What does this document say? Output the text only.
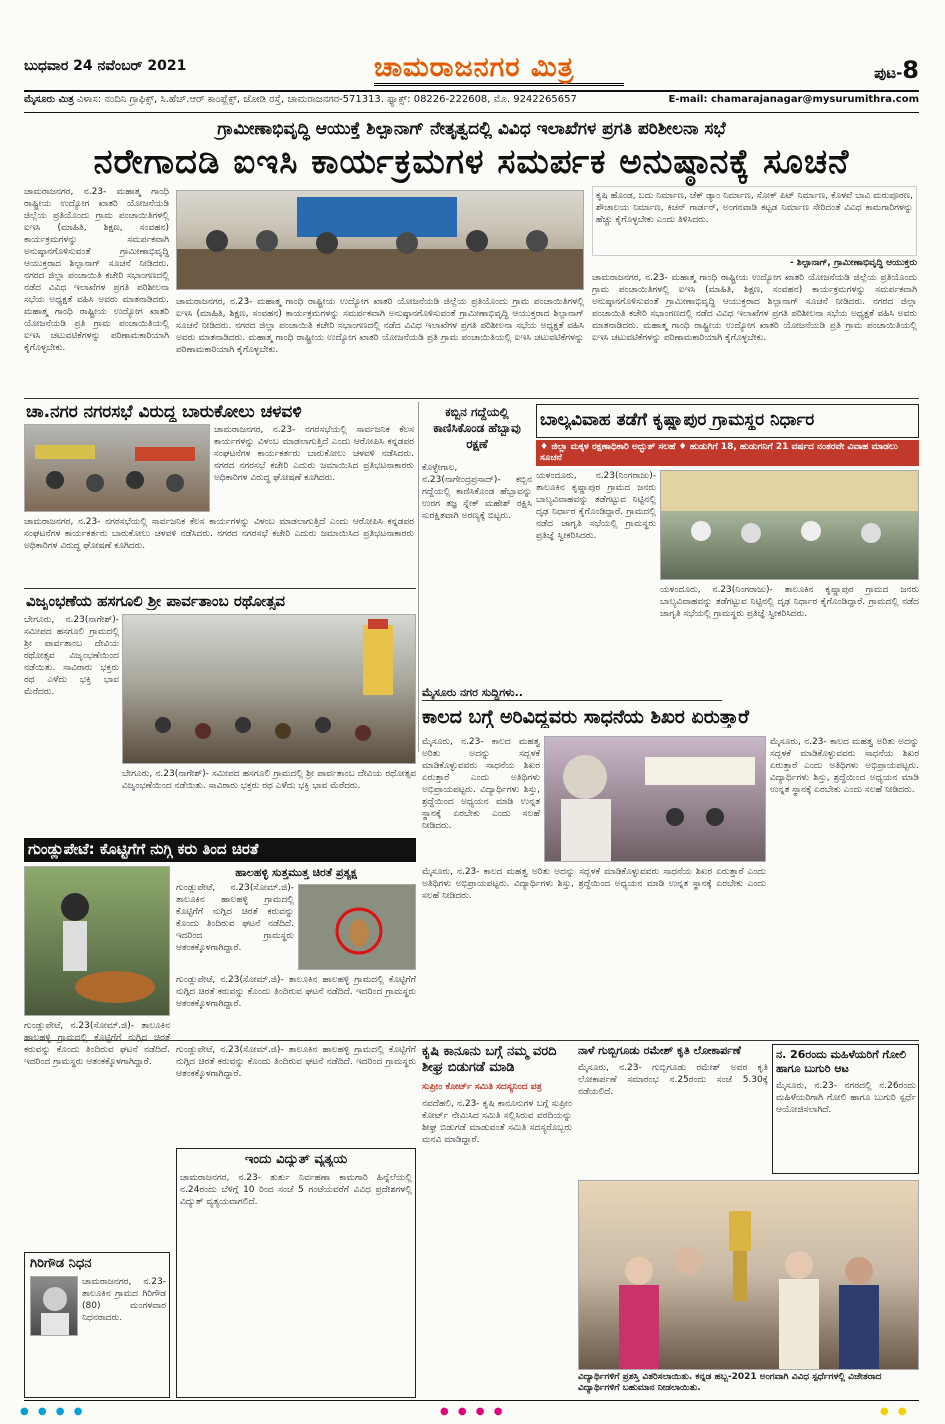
ಬುಧವಾರ 24 ನವೆಂಬರ್ 2021	ಚಾಮರಾಜನಗರ ಮಿತ್ರ	ಪುಟ-8
ಮೈಸೂರು ಮಿತ್ರ ವಿಳಾಸ: ನಂದಿನಿ ಗ್ರಾಫಿಕ್ಸ್, ಸಿ.ಹೆಚ್.ಆರ್ ಕಾಂಪ್ಲೆಕ್ಸ್, ಜೋಡಿ ರಸ್ತೆ, ಚಾಮರಾಜನಗರ-571313. ಫ್ಯಾಕ್ಸ್: 08226-222608, ಮೊ. 9242265657	E-mail: chamarajanagar@mysurumithra.com
ಗ್ರಾಮೀಣಾಭಿವೃದ್ಧಿ ಆಯುಕ್ತೆ ಶಿಲ್ಪಾನಾಗ್ ನೇತೃತ್ವದಲ್ಲಿ ವಿವಿಧ ಇಲಾಖೆಗಳ ಪ್ರಗತಿ ಪರಿಶೀಲನಾ ಸಭೆ
ನರೇಗಾದಡಿ ಐಇಸಿ ಕಾರ್ಯಕ್ರಮಗಳ ಸಮರ್ಪಕ ಅನುಷ್ಠಾನಕ್ಕೆ ಸೂಚನೆ
ಚಾಮರಾಜನಗರ, ನ.23- ಮಹಾತ್ಮ ಗಾಂಧಿ ರಾಷ್ಟ್ರೀಯ ಉದ್ಯೋಗ ಖಾತರಿ ಯೋಜನೆಯಡಿ ಜಿಲ್ಲೆಯ ಪ್ರತಿಯೊಂದು ಗ್ರಾಮ ಪಂಚಾಯಿತಿಗಳಲ್ಲಿ ಐಇಸಿ (ಮಾಹಿತಿ, ಶಿಕ್ಷಣ, ಸಂವಹನ) ಕಾರ್ಯಕ್ರಮಗಳನ್ನು ಸಮರ್ಪಕವಾಗಿ ಅನುಷ್ಠಾನಗೊಳಿಸುವಂತೆ ಗ್ರಾಮೀಣಾಭಿವೃದ್ಧಿ ಆಯುಕ್ತರಾದ ಶಿಲ್ಪಾನಾಗ್ ಸೂಚನೆ ನೀಡಿದರು. ನಗರದ ಜಿಲ್ಲಾ ಪಂಚಾಯಿತಿ ಕಚೇರಿ ಸಭಾಂಗಣದಲ್ಲಿ ನಡೆದ ವಿವಿಧ ಇಲಾಖೆಗಳ ಪ್ರಗತಿ ಪರಿಶೀಲನಾ ಸಭೆಯ ಅಧ್ಯಕ್ಷತೆ ವಹಿಸಿ ಅವರು ಮಾತನಾಡಿದರು. ಮಹಾತ್ಮ ಗಾಂಧಿ ರಾಷ್ಟ್ರೀಯ ಉದ್ಯೋಗ ಖಾತರಿ ಯೋಜನೆಯಡಿ ಪ್ರತಿ ಗ್ರಾಮ ಪಂಚಾಯಿತಿಯಲ್ಲಿ ಐಇಸಿ ಚಟುವಟಿಕೆಗಳನ್ನು ಪರಿಣಾಮಕಾರಿಯಾಗಿ ಕೈಗೊಳ್ಳಬೇಕು.
ಚಾಮರಾಜನಗರ, ನ.23- ಮಹಾತ್ಮ ಗಾಂಧಿ ರಾಷ್ಟ್ರೀಯ ಉದ್ಯೋಗ ಖಾತರಿ ಯೋಜನೆಯಡಿ ಜಿಲ್ಲೆಯ ಪ್ರತಿಯೊಂದು ಗ್ರಾಮ ಪಂಚಾಯಿತಿಗಳಲ್ಲಿ ಐಇಸಿ (ಮಾಹಿತಿ, ಶಿಕ್ಷಣ, ಸಂವಹನ) ಕಾರ್ಯಕ್ರಮಗಳನ್ನು ಸಮರ್ಪಕವಾಗಿ ಅನುಷ್ಠಾನಗೊಳಿಸುವಂತೆ ಗ್ರಾಮೀಣಾಭಿವೃದ್ಧಿ ಆಯುಕ್ತರಾದ ಶಿಲ್ಪಾನಾಗ್ ಸೂಚನೆ ನೀಡಿದರು. ನಗರದ ಜಿಲ್ಲಾ ಪಂಚಾಯಿತಿ ಕಚೇರಿ ಸಭಾಂಗಣದಲ್ಲಿ ನಡೆದ ವಿವಿಧ ಇಲಾಖೆಗಳ ಪ್ರಗತಿ ಪರಿಶೀಲನಾ ಸಭೆಯ ಅಧ್ಯಕ್ಷತೆ ವಹಿಸಿ ಅವರು ಮಾತನಾಡಿದರು. ಮಹಾತ್ಮ ಗಾಂಧಿ ರಾಷ್ಟ್ರೀಯ ಉದ್ಯೋಗ ಖಾತರಿ ಯೋಜನೆಯಡಿ ಪ್ರತಿ ಗ್ರಾಮ ಪಂಚಾಯಿತಿಯಲ್ಲಿ ಐಇಸಿ ಚಟುವಟಿಕೆಗಳನ್ನು ಪರಿಣಾಮಕಾರಿಯಾಗಿ ಕೈಗೊಳ್ಳಬೇಕು.
ಕೃಷಿ ಹೊಂಡ, ಬದು ನಿರ್ಮಾಣ, ಚೆಕ್ ಡ್ಯಾಂ ನಿರ್ಮಾಣ, ಸೋಕ್ ಪಿಟ್ ನಿರ್ಮಾಣ, ಕೊಳವೆ ಬಾವಿ ಮರುಪೂರಣ, ಶೌಚಾಲಯ ನಿರ್ಮಾಣ, ಕಿಚನ್ ಗಾರ್ಡನ್, ಅಂಗನವಾಡಿ ಕಟ್ಟಡ ನಿರ್ಮಾಣ ಸೇರಿದಂತೆ ವಿವಿಧ ಕಾಮಗಾರಿಗಳನ್ನು ಹೆಚ್ಚು ಕೈಗೊಳ್ಳಬೇಕು ಎಂದು ತಿಳಿಸಿದರು.
- ಶಿಲ್ಪಾನಾಗ್, ಗ್ರಾಮೀಣಾಭಿವೃದ್ಧಿ ಆಯುಕ್ತರು
ಚಾಮರಾಜನಗರ, ನ.23- ಮಹಾತ್ಮ ಗಾಂಧಿ ರಾಷ್ಟ್ರೀಯ ಉದ್ಯೋಗ ಖಾತರಿ ಯೋಜನೆಯಡಿ ಜಿಲ್ಲೆಯ ಪ್ರತಿಯೊಂದು ಗ್ರಾಮ ಪಂಚಾಯಿತಿಗಳಲ್ಲಿ ಐಇಸಿ (ಮಾಹಿತಿ, ಶಿಕ್ಷಣ, ಸಂವಹನ) ಕಾರ್ಯಕ್ರಮಗಳನ್ನು ಸಮರ್ಪಕವಾಗಿ ಅನುಷ್ಠಾನಗೊಳಿಸುವಂತೆ ಗ್ರಾಮೀಣಾಭಿವೃದ್ಧಿ ಆಯುಕ್ತರಾದ ಶಿಲ್ಪಾನಾಗ್ ಸೂಚನೆ ನೀಡಿದರು. ನಗರದ ಜಿಲ್ಲಾ ಪಂಚಾಯಿತಿ ಕಚೇರಿ ಸಭಾಂಗಣದಲ್ಲಿ ನಡೆದ ವಿವಿಧ ಇಲಾಖೆಗಳ ಪ್ರಗತಿ ಪರಿಶೀಲನಾ ಸಭೆಯ ಅಧ್ಯಕ್ಷತೆ ವಹಿಸಿ ಅವರು ಮಾತನಾಡಿದರು. ಮಹಾತ್ಮ ಗಾಂಧಿ ರಾಷ್ಟ್ರೀಯ ಉದ್ಯೋಗ ಖಾತರಿ ಯೋಜನೆಯಡಿ ಪ್ರತಿ ಗ್ರಾಮ ಪಂಚಾಯಿತಿಯಲ್ಲಿ ಐಇಸಿ ಚಟುವಟಿಕೆಗಳನ್ನು ಪರಿಣಾಮಕಾರಿಯಾಗಿ ಕೈಗೊಳ್ಳಬೇಕು.
ಚಾ.ನಗರ ನಗರಸಭೆ ವಿರುದ್ಧ ಬಾರುಕೋಲು ಚಳವಳಿ
ಚಾಮರಾಜನಗರ, ನ.23- ನಗರಸಭೆಯಲ್ಲಿ ಸಾರ್ವಜನಿಕ ಕೆಲಸ ಕಾರ್ಯಗಳನ್ನು ವಿಳಂಬ ಮಾಡಲಾಗುತ್ತಿದೆ ಎಂದು ಆರೋಪಿಸಿ ಕನ್ನಡಪರ ಸಂಘಟನೆಗಳ ಕಾರ್ಯಕರ್ತರು ಬಾರುಕೋಲು ಚಳವಳಿ ನಡೆಸಿದರು. ನಗರದ ನಗರಸಭೆ ಕಚೇರಿ ಎದುರು ಜಮಾಯಿಸಿದ ಪ್ರತಿಭಟನಾಕಾರರು ಅಧಿಕಾರಿಗಳ ವಿರುದ್ಧ ಘೋಷಣೆ ಕೂಗಿದರು.
ಚಾಮರಾಜನಗರ, ನ.23- ನಗರಸಭೆಯಲ್ಲಿ ಸಾರ್ವಜನಿಕ ಕೆಲಸ ಕಾರ್ಯಗಳನ್ನು ವಿಳಂಬ ಮಾಡಲಾಗುತ್ತಿದೆ ಎಂದು ಆರೋಪಿಸಿ ಕನ್ನಡಪರ ಸಂಘಟನೆಗಳ ಕಾರ್ಯಕರ್ತರು ಬಾರುಕೋಲು ಚಳವಳಿ ನಡೆಸಿದರು. ನಗರದ ನಗರಸಭೆ ಕಚೇರಿ ಎದುರು ಜಮಾಯಿಸಿದ ಪ್ರತಿಭಟನಾಕಾರರು ಅಧಿಕಾರಿಗಳ ವಿರುದ್ಧ ಘೋಷಣೆ ಕೂಗಿದರು.
ಕಬ್ಬಿನ ಗದ್ದೆಯಲ್ಲಿ ಕಾಣಿಸಿಕೊಂಡ ಹೆಬ್ಬಾವು ರಕ್ಷಣೆ
ಕೊಳ್ಳೇಗಾಲ, ನ.23(ನಾಗೇಂದ್ರಪ್ರಸಾದ್)- ಕಬ್ಬಿನ ಗದ್ದೆಯಲ್ಲಿ ಕಾಣಿಸಿಕೊಂಡ ಹೆಬ್ಬಾವನ್ನು ಉರಗ ತಜ್ಞ ಸ್ನೇಕ್ ಮಹೇಶ್ ರಕ್ಷಿಸಿ ಸುರಕ್ಷಿತವಾಗಿ ಅರಣ್ಯಕ್ಕೆ ಬಿಟ್ಟರು.
ಬಾಲ್ಯವಿವಾಹ ತಡೆಗೆ ಕೃಷ್ಣಾಪುರ ಗ್ರಾಮಸ್ಥರ ನಿರ್ಧಾರ
♦ ಜಿಲ್ಲಾ ಮಕ್ಕಳ ರಕ್ಷಣಾಧಿಕಾರಿ ಅದ್ಭುತ್ ಸಲಹೆ ♦ ಹುಡುಗಿಗೆ 18, ಹುಡುಗನಿಗೆ 21 ವರ್ಷದ ನಂತರವೇ ವಿವಾಹ ಮಾಡಲು ಸೂಚನೆ
ಯಳಂದೂರು, ನ.23(ನಿಂಗರಾಜು)- ತಾಲೂಕಿನ ಕೃಷ್ಣಾಪುರ ಗ್ರಾಮದ ಜನರು ಬಾಲ್ಯವಿವಾಹವನ್ನು ತಡೆಗಟ್ಟುವ ನಿಟ್ಟಿನಲ್ಲಿ ದೃಢ ನಿರ್ಧಾರ ಕೈಗೊಂಡಿದ್ದಾರೆ. ಗ್ರಾಮದಲ್ಲಿ ನಡೆದ ಜಾಗೃತಿ ಸಭೆಯಲ್ಲಿ ಗ್ರಾಮಸ್ಥರು ಪ್ರತಿಜ್ಞೆ ಸ್ವೀಕರಿಸಿದರು.
ಯಳಂದೂರು, ನ.23(ನಿಂಗರಾಜು)- ತಾಲೂಕಿನ ಕೃಷ್ಣಾಪುರ ಗ್ರಾಮದ ಜನರು ಬಾಲ್ಯವಿವಾಹವನ್ನು ತಡೆಗಟ್ಟುವ ನಿಟ್ಟಿನಲ್ಲಿ ದೃಢ ನಿರ್ಧಾರ ಕೈಗೊಂಡಿದ್ದಾರೆ. ಗ್ರಾಮದಲ್ಲಿ ನಡೆದ ಜಾಗೃತಿ ಸಭೆಯಲ್ಲಿ ಗ್ರಾಮಸ್ಥರು ಪ್ರತಿಜ್ಞೆ ಸ್ವೀಕರಿಸಿದರು.
ವಿಜೃಂಭಣೆಯ ಹಸಗೂಲಿ ಶ್ರೀ ಪಾರ್ವತಾಂಬ ರಥೋತ್ಸವ
ಬೇಗೂರು, ನ.23(ನಾಗೇಶ್)- ಸಮೀಪದ ಹಸಗೂಲಿ ಗ್ರಾಮದಲ್ಲಿ ಶ್ರೀ ಪಾರ್ವತಾಂಬ ದೇವಿಯ ರಥೋತ್ಸವ ವಿಜೃಂಭಣೆಯಿಂದ ನಡೆಯಿತು. ಸಾವಿರಾರು ಭಕ್ತರು ರಥ ಎಳೆದು ಭಕ್ತಿ ಭಾವ ಮೆರೆದರು.
ಬೇಗೂರು, ನ.23(ನಾಗೇಶ್)- ಸಮೀಪದ ಹಸಗೂಲಿ ಗ್ರಾಮದಲ್ಲಿ ಶ್ರೀ ಪಾರ್ವತಾಂಬ ದೇವಿಯ ರಥೋತ್ಸವ ವಿಜೃಂಭಣೆಯಿಂದ ನಡೆಯಿತು. ಸಾವಿರಾರು ಭಕ್ತರು ರಥ ಎಳೆದು ಭಕ್ತಿ ಭಾವ ಮೆರೆದರು.
ಮೈಸೂರು ನಗರ ಸುದ್ದಿಗಳು..
ಕಾಲದ ಬಗ್ಗೆ ಅರಿವಿದ್ದವರು ಸಾಧನೆಯ ಶಿಖರ ಏರುತ್ತಾರೆ
ಮೈಸೂರು, ನ.23- ಕಾಲದ ಮಹತ್ವ ಅರಿತು ಅದನ್ನು ಸದ್ಬಳಕೆ ಮಾಡಿಕೊಳ್ಳುವವರು ಸಾಧನೆಯ ಶಿಖರ ಏರುತ್ತಾರೆ ಎಂದು ಅತಿಥಿಗಳು ಅಭಿಪ್ರಾಯಪಟ್ಟರು. ವಿದ್ಯಾರ್ಥಿಗಳು ಶಿಸ್ತು, ಶ್ರದ್ಧೆಯಿಂದ ಅಧ್ಯಯನ ಮಾಡಿ ಉನ್ನತ ಸ್ಥಾನಕ್ಕೆ ಏರಬೇಕು ಎಂದು ಸಲಹೆ ನೀಡಿದರು.
ಮೈಸೂರು, ನ.23- ಕಾಲದ ಮಹತ್ವ ಅರಿತು ಅದನ್ನು ಸದ್ಬಳಕೆ ಮಾಡಿಕೊಳ್ಳುವವರು ಸಾಧನೆಯ ಶಿಖರ ಏರುತ್ತಾರೆ ಎಂದು ಅತಿಥಿಗಳು ಅಭಿಪ್ರಾಯಪಟ್ಟರು. ವಿದ್ಯಾರ್ಥಿಗಳು ಶಿಸ್ತು, ಶ್ರದ್ಧೆಯಿಂದ ಅಧ್ಯಯನ ಮಾಡಿ ಉನ್ನತ ಸ್ಥಾನಕ್ಕೆ ಏರಬೇಕು ಎಂದು ಸಲಹೆ ನೀಡಿದರು.
ಮೈಸೂರು, ನ.23- ಕಾಲದ ಮಹತ್ವ ಅರಿತು ಅದನ್ನು ಸದ್ಬಳಕೆ ಮಾಡಿಕೊಳ್ಳುವವರು ಸಾಧನೆಯ ಶಿಖರ ಏರುತ್ತಾರೆ ಎಂದು ಅತಿಥಿಗಳು ಅಭಿಪ್ರಾಯಪಟ್ಟರು. ವಿದ್ಯಾರ್ಥಿಗಳು ಶಿಸ್ತು, ಶ್ರದ್ಧೆಯಿಂದ ಅಧ್ಯಯನ ಮಾಡಿ ಉನ್ನತ ಸ್ಥಾನಕ್ಕೆ ಏರಬೇಕು ಎಂದು ಸಲಹೆ ನೀಡಿದರು.
ಗುಂಡ್ಲುಪೇಟೆ: ಕೊಟ್ಟಿಗೆಗೆ ನುಗ್ಗಿ ಕರು ತಿಂದ ಚಿರತೆ
ಹಾಲಹಳ್ಳಿ ಸುತ್ತಮುತ್ತ ಚಿರತೆ ಪ್ರತ್ಯಕ್ಷ
ಗುಂಡ್ಲುಪೇಟೆ, ನ.23(ಸೋಮ್.ಜಿ)- ತಾಲೂಕಿನ ಹಾಲಹಳ್ಳಿ ಗ್ರಾಮದಲ್ಲಿ ಕೊಟ್ಟಿಗೆಗೆ ನುಗ್ಗಿದ ಚಿರತೆ ಕರುವನ್ನು ಕೊಂದು ತಿಂದಿರುವ ಘಟನೆ ನಡೆದಿದೆ. ಇದರಿಂದ ಗ್ರಾಮಸ್ಥರು ಆತಂಕಕ್ಕೊಳಗಾಗಿದ್ದಾರೆ.
ಗುಂಡ್ಲುಪೇಟೆ, ನ.23(ಸೋಮ್.ಜಿ)- ತಾಲೂಕಿನ ಹಾಲಹಳ್ಳಿ ಗ್ರಾಮದಲ್ಲಿ ಕೊಟ್ಟಿಗೆಗೆ ನುಗ್ಗಿದ ಚಿರತೆ ಕರುವನ್ನು ಕೊಂದು ತಿಂದಿರುವ ಘಟನೆ ನಡೆದಿದೆ. ಇದರಿಂದ ಗ್ರಾಮಸ್ಥರು ಆತಂಕಕ್ಕೊಳಗಾಗಿದ್ದಾರೆ.
ಗುಂಡ್ಲುಪೇಟೆ, ನ.23(ಸೋಮ್.ಜಿ)- ತಾಲೂಕಿನ ಹಾಲಹಳ್ಳಿ ಗ್ರಾಮದಲ್ಲಿ ಕೊಟ್ಟಿಗೆಗೆ ನುಗ್ಗಿದ ಚಿರತೆ ಕರುವನ್ನು ಕೊಂದು ತಿಂದಿರುವ ಘಟನೆ ನಡೆದಿದೆ. ಇದರಿಂದ ಗ್ರಾಮಸ್ಥರು ಆತಂಕಕ್ಕೊಳಗಾಗಿದ್ದಾರೆ.
ಗುಂಡ್ಲುಪೇಟೆ, ನ.23(ಸೋಮ್.ಜಿ)- ತಾಲೂಕಿನ ಹಾಲಹಳ್ಳಿ ಗ್ರಾಮದಲ್ಲಿ ಕೊಟ್ಟಿಗೆಗೆ ನುಗ್ಗಿದ ಚಿರತೆ ಕರುವನ್ನು ಕೊಂದು ತಿಂದಿರುವ ಘಟನೆ ನಡೆದಿದೆ. ಇದರಿಂದ ಗ್ರಾಮಸ್ಥರು ಆತಂಕಕ್ಕೊಳಗಾಗಿದ್ದಾರೆ.
ಗಿರಿಗೌಡ ನಿಧನ
ಚಾಮರಾಜನಗರ, ನ.23- ತಾಲೂಕಿನ ಗ್ರಾಮದ ಗಿರಿಗೌಡ (80) ಮಂಗಳವಾರ ನಿಧನರಾದರು.
ಇಂದು ವಿದ್ಯುತ್ ವ್ಯತ್ಯಯ
ಚಾಮರಾಜನಗರ, ನ.23- ತುರ್ತು ನಿರ್ವಹಣಾ ಕಾಮಗಾರಿ ಹಿನ್ನೆಲೆಯಲ್ಲಿ ನ.24ರಂದು ಬೆಳಿಗ್ಗೆ 10 ರಿಂದ ಸಂಜೆ 5 ಗಂಟೆಯವರೆಗೆ ವಿವಿಧ ಪ್ರದೇಶಗಳಲ್ಲಿ ವಿದ್ಯುತ್ ವ್ಯತ್ಯಯವಾಗಲಿದೆ.
ಕೃಷಿ ಕಾನೂನು ಬಗ್ಗೆ ನಮ್ಮ ವರದಿ ಶೀಘ್ರ ಬಿಡುಗಡೆ ಮಾಡಿ
ಸುಪ್ರೀಂ ಕೋರ್ಟ್ ಸಮಿತಿ ಸದಸ್ಯನಿಂದ ಪತ್ರ
ನವದೆಹಲಿ, ನ.23- ಕೃಷಿ ಕಾನೂನುಗಳ ಬಗ್ಗೆ ಸುಪ್ರೀಂ ಕೋರ್ಟ್ ನೇಮಿಸಿದ ಸಮಿತಿ ಸಲ್ಲಿಸಿರುವ ವರದಿಯನ್ನು ಶೀಘ್ರ ಬಿಡುಗಡೆ ಮಾಡುವಂತೆ ಸಮಿತಿ ಸದಸ್ಯರೊಬ್ಬರು ಮನವಿ ಮಾಡಿದ್ದಾರೆ.
ನಾಳೆ ಗುಬ್ಬಿಗೂಡು ರಮೇಶ್ ಕೃತಿ ಲೋಕಾರ್ಪಣೆ
ಮೈಸೂರು, ನ.23- ಗುಬ್ಬಿಗೂಡು ರಮೇಶ್ ಅವರ ಕೃತಿ ಲೋಕಾರ್ಪಣೆ ಸಮಾರಂಭ ನ.25ರಂದು ಸಂಜೆ 5.30ಕ್ಕೆ ನಡೆಯಲಿದೆ.
ನ. 26ರಂದು ಮಹಿಳೆಯರಿಗೆ ಗೋಲಿ ಹಾಗೂ ಬುಗುರಿ ಆಟ
ಮೈಸೂರು, ನ.23- ನಗರದಲ್ಲಿ ನ.26ರಂದು ಮಹಿಳೆಯರಿಗಾಗಿ ಗೋಲಿ ಹಾಗೂ ಬುಗುರಿ ಸ್ಪರ್ಧೆ ಆಯೋಜಿಸಲಾಗಿದೆ.
ವಿದ್ಯಾರ್ಥಿಗಳಿಗೆ ಪ್ರಶಸ್ತಿ ವಿತರಿಸಲಾಯಿತು. ಕನ್ನಡ ಹಬ್ಬ-2021 ಅಂಗವಾಗಿ ವಿವಿಧ ಸ್ಪರ್ಧೆಗಳಲ್ಲಿ ವಿಜೇತರಾದ ವಿದ್ಯಾರ್ಥಿಗಳಿಗೆ ಬಹುಮಾನ ನೀಡಲಾಯಿತು.
● ● ● ●	● ● ● ●	● ●
